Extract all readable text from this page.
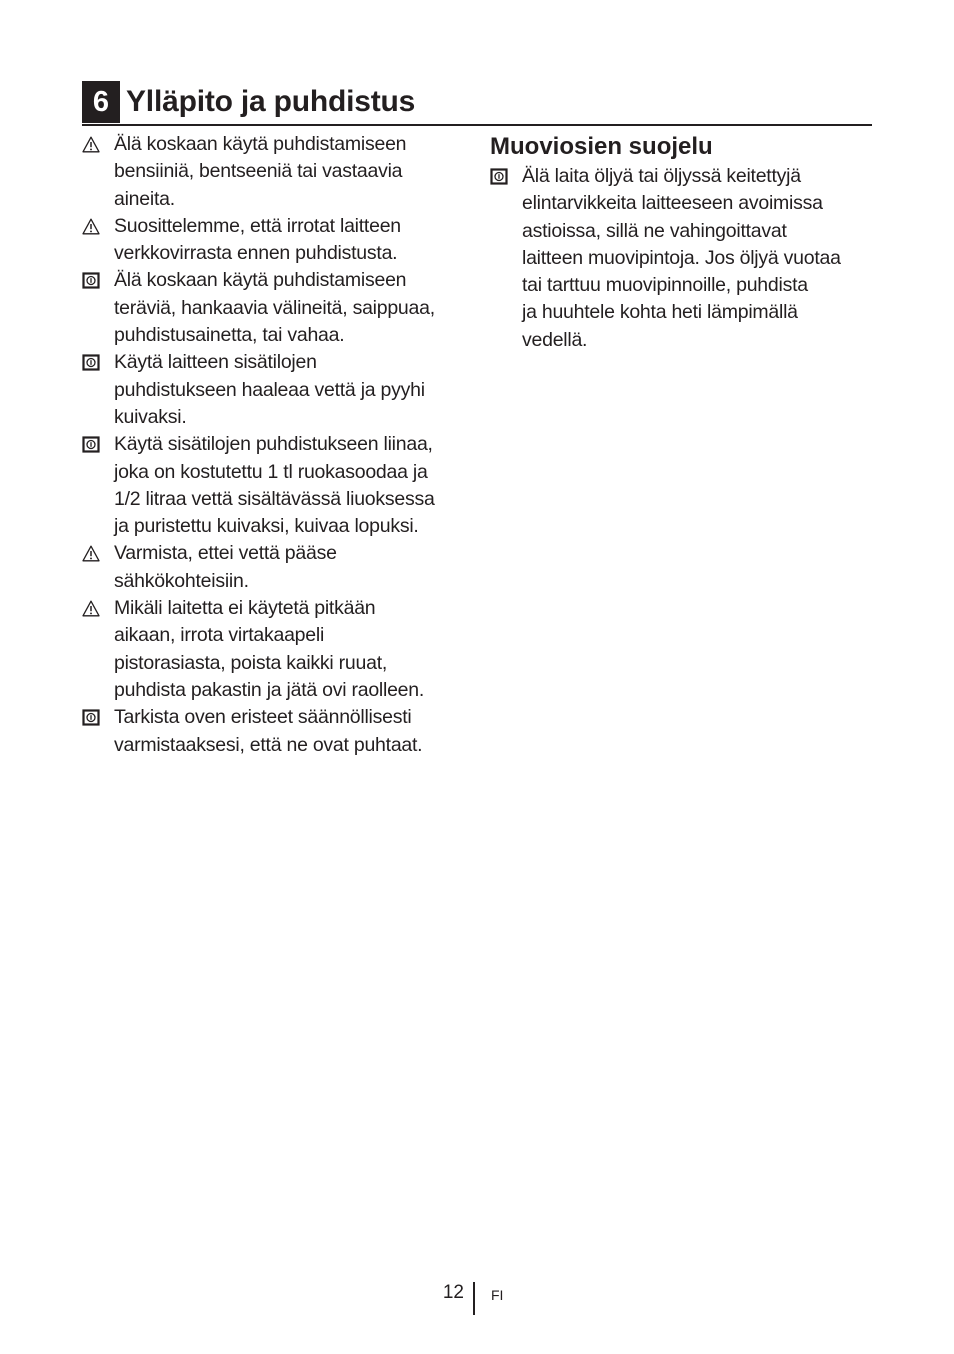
6 Ylläpito ja puhdistus
Älä koskaan käytä puhdistamiseen
bensiiniä, bentseeniä tai vastaavia
aineita.
Suosittelemme, että irrotat laitteen
verkkovirrasta ennen puhdistusta.
Älä koskaan käytä puhdistamiseen
teräviä, hankaavia välineitä, saippuaa,
puhdistusainetta, tai vahaa.
Käytä laitteen sisätilojen
puhdistukseen haaleaa vettä ja pyyhi
kuivaksi.
Käytä sisätilojen puhdistukseen liinaa,
joka on kostutettu 1 tl ruokasoodaa ja
1/2 litraa vettä sisältävässä liuoksessa
ja puristettu kuivaksi, kuivaa lopuksi.
Varmista, ettei vettä pääse
sähkökohteisiin.
Mikäli laitetta ei käytetä pitkään
aikaan, irrota virtakaapeli
pistorasiasta, poista kaikki ruuat,
puhdista pakastin ja jätä ovi raolleen.
Tarkista oven eristeet säännöllisesti
varmistaaksesi, että ne ovat puhtaat.
Muoviosien suojelu
Älä laita öljyä tai öljyssä keitettyjä
elintarvikkeita laitteeseen avoimissa
astioissa, sillä ne vahingoittavat
laitteen muovipintoja. Jos öljyä vuotaa
tai tarttuu muovipinnoille, puhdista
ja huuhtele kohta heti lämpimällä
vedellä.
12 FI
